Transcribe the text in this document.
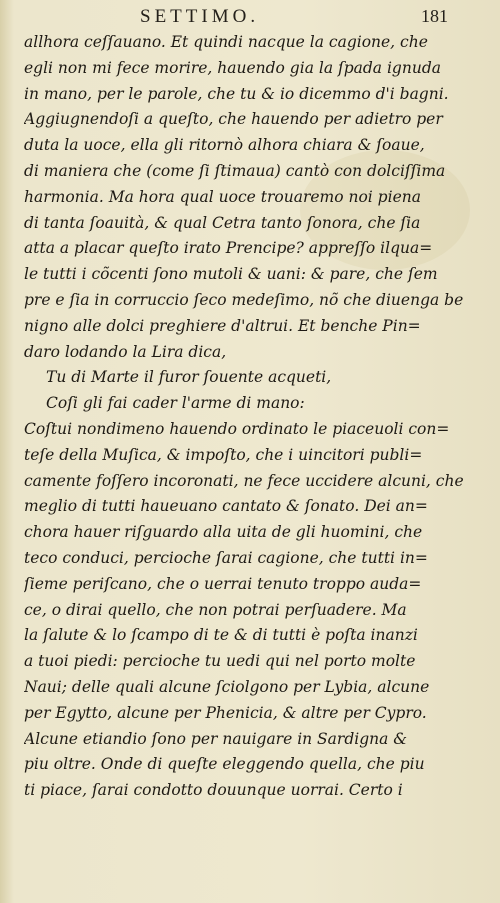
SETTIMO.	181
allhora ceſſauano. Et quindi nacque la cagione, che
egli non mi fece morire, hauendo gia la ſpada ignuda
in mano, per le parole, che tu & io dicemmo d'i bagni.
Aggiugnendoſi a queſto, che hauendo per adietro per
duta la uoce, ella gli ritornò alhora chiara & ſoaue,
di maniera che (come ſi ſtimaua) cantò con dolciſſima
harmonia. Ma hora qual uoce trouaremo noi piena
di tanta ſoauità, & qual Cetra tanto ſonora, che ſia
atta a placar queſto irato Prencipe? appreſſo ilqua=
le tutti i cõcenti ſono mutoli & uani: & pare, che ſem
pre e ſia in corruccio ſeco medeſimo, nõ che diuenga be
nigno alle dolci preghiere d'altrui. Et benche Pin=
daro lodando la Lira dica,
Tu di Marte il furor ſouente acqueti,
Coſi gli fai cader l'arme di mano:
Coſtui nondimeno hauendo ordinato le piaceuoli con=
teſe della Muſica, & impoſto, che i uincitori publi=
camente foſſero incoronati, ne fece uccidere alcuni, che
meglio di tutti haueuano cantato & ſonato. Dei an=
chora hauer riſguardo alla uita de gli huomini, che
teco conduci, percioche ſarai cagione, che tutti in=
ſieme periſcano, che o uerrai tenuto troppo auda=
ce, o dirai quello, che non potrai perſuadere. Ma
la ſalute & lo ſcampo di te & di tutti è poſta inanzi
a tuoi piedi: percioche tu uedi qui nel porto molte
Naui; delle quali alcune ſciolgono per Lybia, alcune
per Egytto, alcune per Phenicia, & altre per Cypro.
Alcune etiandio ſono per nauigare in Sardigna &
piu oltre. Onde di queſte eleggendo quella, che piu
ti piace, ſarai condotto douunque uorrai. Certo i
